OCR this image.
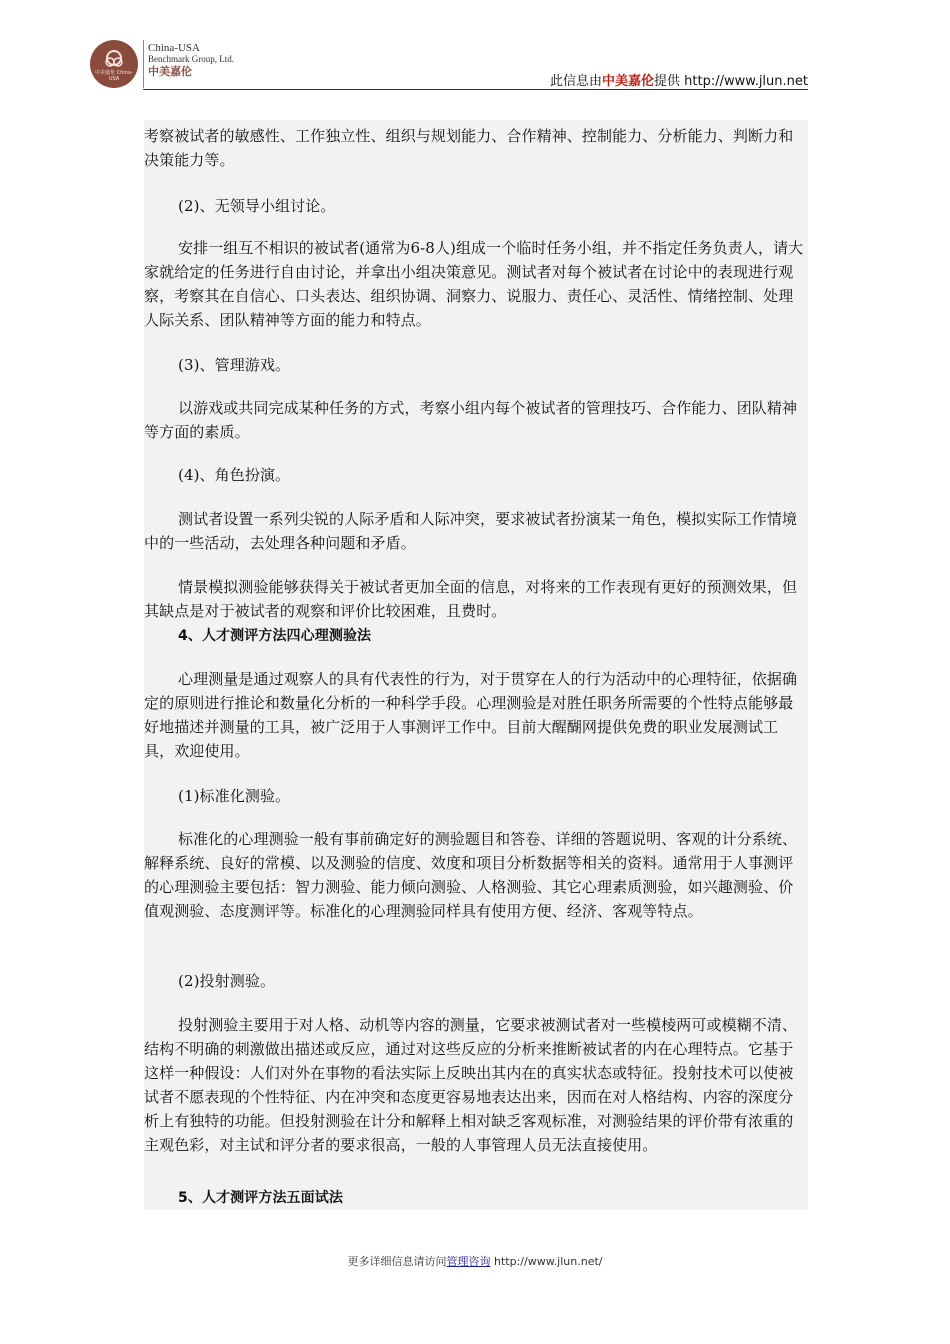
中美嘉伦 China-USA
China-USA
Benchmark Group, Ltd.
中美嘉伦
此信息由中美嘉伦提供 http://www.jlun.net

考察被试者的敏感性、工作独立性、组织与规划能力、合作精神、控制能力、分析能力、判断力和决策能力等。

(2)、无领导小组讨论。

安排一组互不相识的被试者(通常为6-8人)组成一个临时任务小组，并不指定任务负责人，请大家就给定的任务进行自由讨论，并拿出小组决策意见。测试者对每个被试者在讨论中的表现进行观察，考察其在自信心、口头表达、组织协调、洞察力、说服力、责任心、灵活性、情绪控制、处理人际关系、团队精神等方面的能力和特点。

(3)、管理游戏。

以游戏或共同完成某种任务的方式，考察小组内每个被试者的管理技巧、合作能力、团队精神等方面的素质。

(4)、角色扮演。

测试者设置一系列尖锐的人际矛盾和人际冲突，要求被试者扮演某一角色，模拟实际工作情境中的一些活动，去处理各种问题和矛盾。

情景模拟测验能够获得关于被试者更加全面的信息，对将来的工作表现有更好的预测效果，但其缺点是对于被试者的观察和评价比较困难，且费时。

4、人才测评方法四心理测验法

心理测量是通过观察人的具有代表性的行为，对于贯穿在人的行为活动中的心理特征，依据确定的原则进行推论和数量化分析的一种科学手段。心理测验是对胜任职务所需要的个性特点能够最好地描述并测量的工具，被广泛用于人事测评工作中。目前大醒醐网提供免费的职业发展测试工具，欢迎使用。

(1)标准化测验。

标准化的心理测验一般有事前确定好的测验题目和答卷、详细的答题说明、客观的计分系统、解释系统、良好的常模、以及测验的信度、效度和项目分析数据等相关的资料。通常用于人事测评的心理测验主要包括：智力测验、能力倾向测验、人格测验、其它心理素质测验，如兴趣测验、价值观测验、态度测评等。标准化的心理测验同样具有使用方便、经济、客观等特点。

(2)投射测验。

投射测验主要用于对人格、动机等内容的测量，它要求被测试者对一些模棱两可或模糊不清、结构不明确的刺激做出描述或反应，通过对这些反应的分析来推断被试者的内在心理特点。它基于这样一种假设：人们对外在事物的看法实际上反映出其内在的真实状态或特征。投射技术可以使被试者不愿表现的个性特征、内在冲突和态度更容易地表达出来，因而在对人格结构、内容的深度分析上有独特的功能。但投射测验在计分和解释上相对缺乏客观标准，对测验结果的评价带有浓重的主观色彩，对主试和评分者的要求很高，一般的人事管理人员无法直接使用。

5、人才测评方法五面试法

更多详细信息请访问管理咨询 http://www.jlun.net/
